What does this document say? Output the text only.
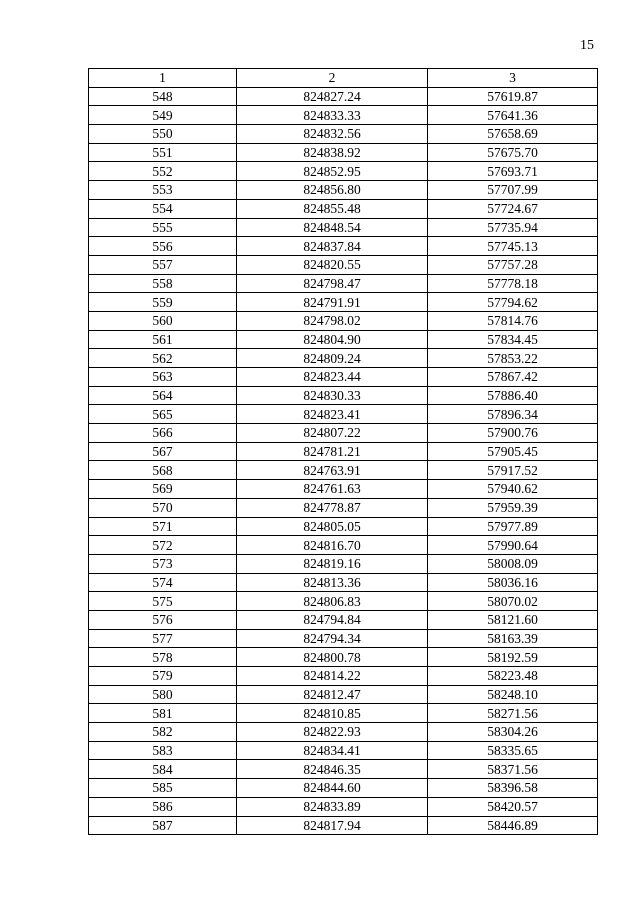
15
1	2	3
548	824827.24	57619.87
549	824833.33	57641.36
550	824832.56	57658.69
551	824838.92	57675.70
552	824852.95	57693.71
553	824856.80	57707.99
554	824855.48	57724.67
555	824848.54	57735.94
556	824837.84	57745.13
557	824820.55	57757.28
558	824798.47	57778.18
559	824791.91	57794.62
560	824798.02	57814.76
561	824804.90	57834.45
562	824809.24	57853.22
563	824823.44	57867.42
564	824830.33	57886.40
565	824823.41	57896.34
566	824807.22	57900.76
567	824781.21	57905.45
568	824763.91	57917.52
569	824761.63	57940.62
570	824778.87	57959.39
571	824805.05	57977.89
572	824816.70	57990.64
573	824819.16	58008.09
574	824813.36	58036.16
575	824806.83	58070.02
576	824794.84	58121.60
577	824794.34	58163.39
578	824800.78	58192.59
579	824814.22	58223.48
580	824812.47	58248.10
581	824810.85	58271.56
582	824822.93	58304.26
583	824834.41	58335.65
584	824846.35	58371.56
585	824844.60	58396.58
586	824833.89	58420.57
587	824817.94	58446.89
